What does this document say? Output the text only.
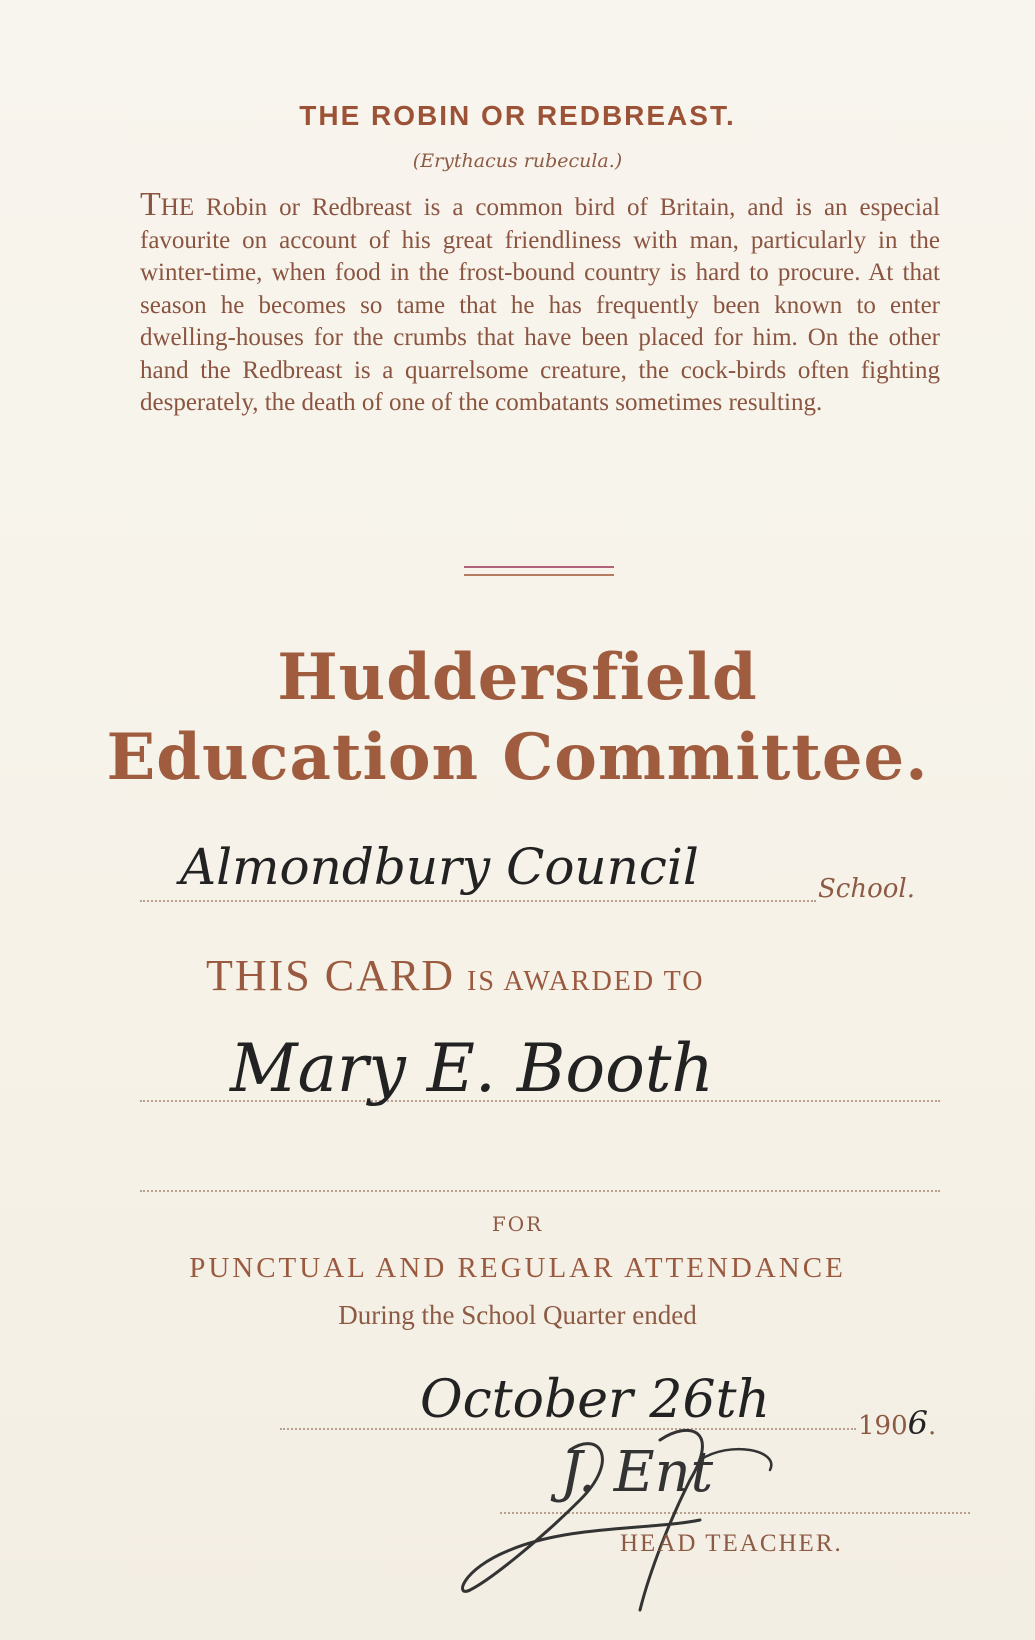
THE ROBIN OR REDBREAST.
(Erythacus rubecula.)
THE Robin or Redbreast is a common bird of Britain, and is an especial favourite on account of his great friendliness with man, particularly in the winter-time, when food in the frost-bound country is hard to procure. At that season he becomes so tame that he has frequently been known to enter dwelling-houses for the crumbs that have been placed for him. On the other hand the Redbreast is a quarrelsome creature, the cock-birds often fighting desperately, the death of one of the combatants sometimes resulting.
Huddersfield
Education Committee.
Almondbury Council	School.
THIS CARD IS AWARDED TO
Mary E. Booth
FOR
PUNCTUAL AND REGULAR ATTENDANCE
During the School Quarter ended
October 26th	1906.
J. Ent
HEAD TEACHER.
